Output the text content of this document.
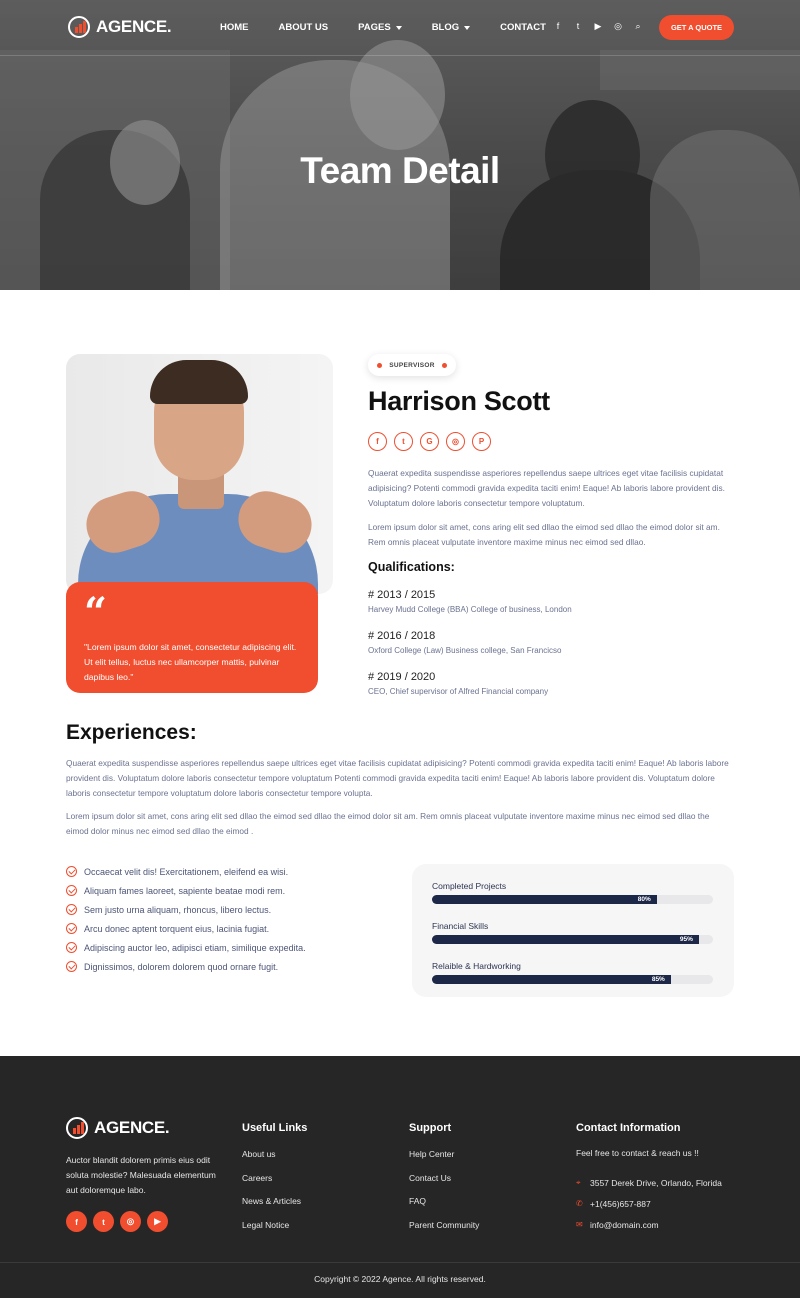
AGENCE.	HOME	ABOUT US	PAGES	BLOG	CONTACT	f	t	▶ ◎ ⌕	GET A QUOTE
Team Detail
“

"Lorem ipsum dolor sit amet, consectetur adipiscing elit. Ut elit tellus, luctus nec ullamcorper mattis, pulvinar dapibus leo."

SUPERVISOR
Harrison Scott
f	t	G	◎	P

Quaerat expedita suspendisse asperiores repellendus saepe ultrices eget vitae facilisis cupidatat adipisicing? Potenti commodi gravida expedita taciti enim! Eaque! Ab laboris labore provident dis. Voluptatum dolore laboris consectetur tempore voluptatum.

Lorem ipsum dolor sit amet, cons aring elit sed dllao the eimod sed dllao the eimod dolor sit am. Rem omnis placeat vulputate inventore maxime minus nec eimod sed dllao.

Qualifications:
# 2013 / 2015
Harvey Mudd College (BBA) College of business, London
# 2016 / 2018
Oxford College (Law) Business college, San Francicso
# 2019 / 2020
CEO, Chief supervisor of Alfred Financial company
Experiences:

Quaerat expedita suspendisse asperiores repellendus saepe ultrices eget vitae facilisis cupidatat adipisicing? Potenti commodi gravida expedita taciti enim! Eaque! Ab laboris labore provident dis. Voluptatum dolore laboris consectetur tempore voluptatum Potenti commodi gravida expedita taciti enim! Eaque! Ab laboris labore provident dis. Voluptatum dolore laboris consectetur tempore voluptatum dolore laboris consectetur tempore volupta.

Lorem ipsum dolor sit amet, cons aring elit sed dllao the eimod sed dllao the eimod dolor sit am. Rem omnis placeat vulputate inventore maxime minus nec eimod sed dllao the eimod dolor minus nec eimod sed dllao the eimod .

Occaecat velit dis! Exercitationem, eleifend ea wisi.
Aliquam fames laoreet, sapiente beatae modi rem.
Sem justo urna aliquam, rhoncus, libero lectus.
Arcu donec aptent torquent eius, lacinia fugiat.
Adipiscing auctor leo, adipisci etiam, similique expedita.
Dignissimos, dolorem dolorem quod ornare fugit.
Completed Projects
80%
Financial Skills
95%
Relaible & Hardworking
85%
AGENCE.

Auctor blandit dolorem primis eius odit soluta molestie? Malesuada elementum aut doloremque labo.

f	t	◎	▶
Useful Links
About us
Careers
News & Articles
Legal Notice
Support
Help Center
Contact Us
FAQ
Parent Community
Contact Information
Feel free to contact & reach us !!
⌖	3557 Derek Drive, Orlando, Florida
✆ +1(456)657-887
✉ info@domain.com
Copyright © 2022 Agence. All rights reserved.
